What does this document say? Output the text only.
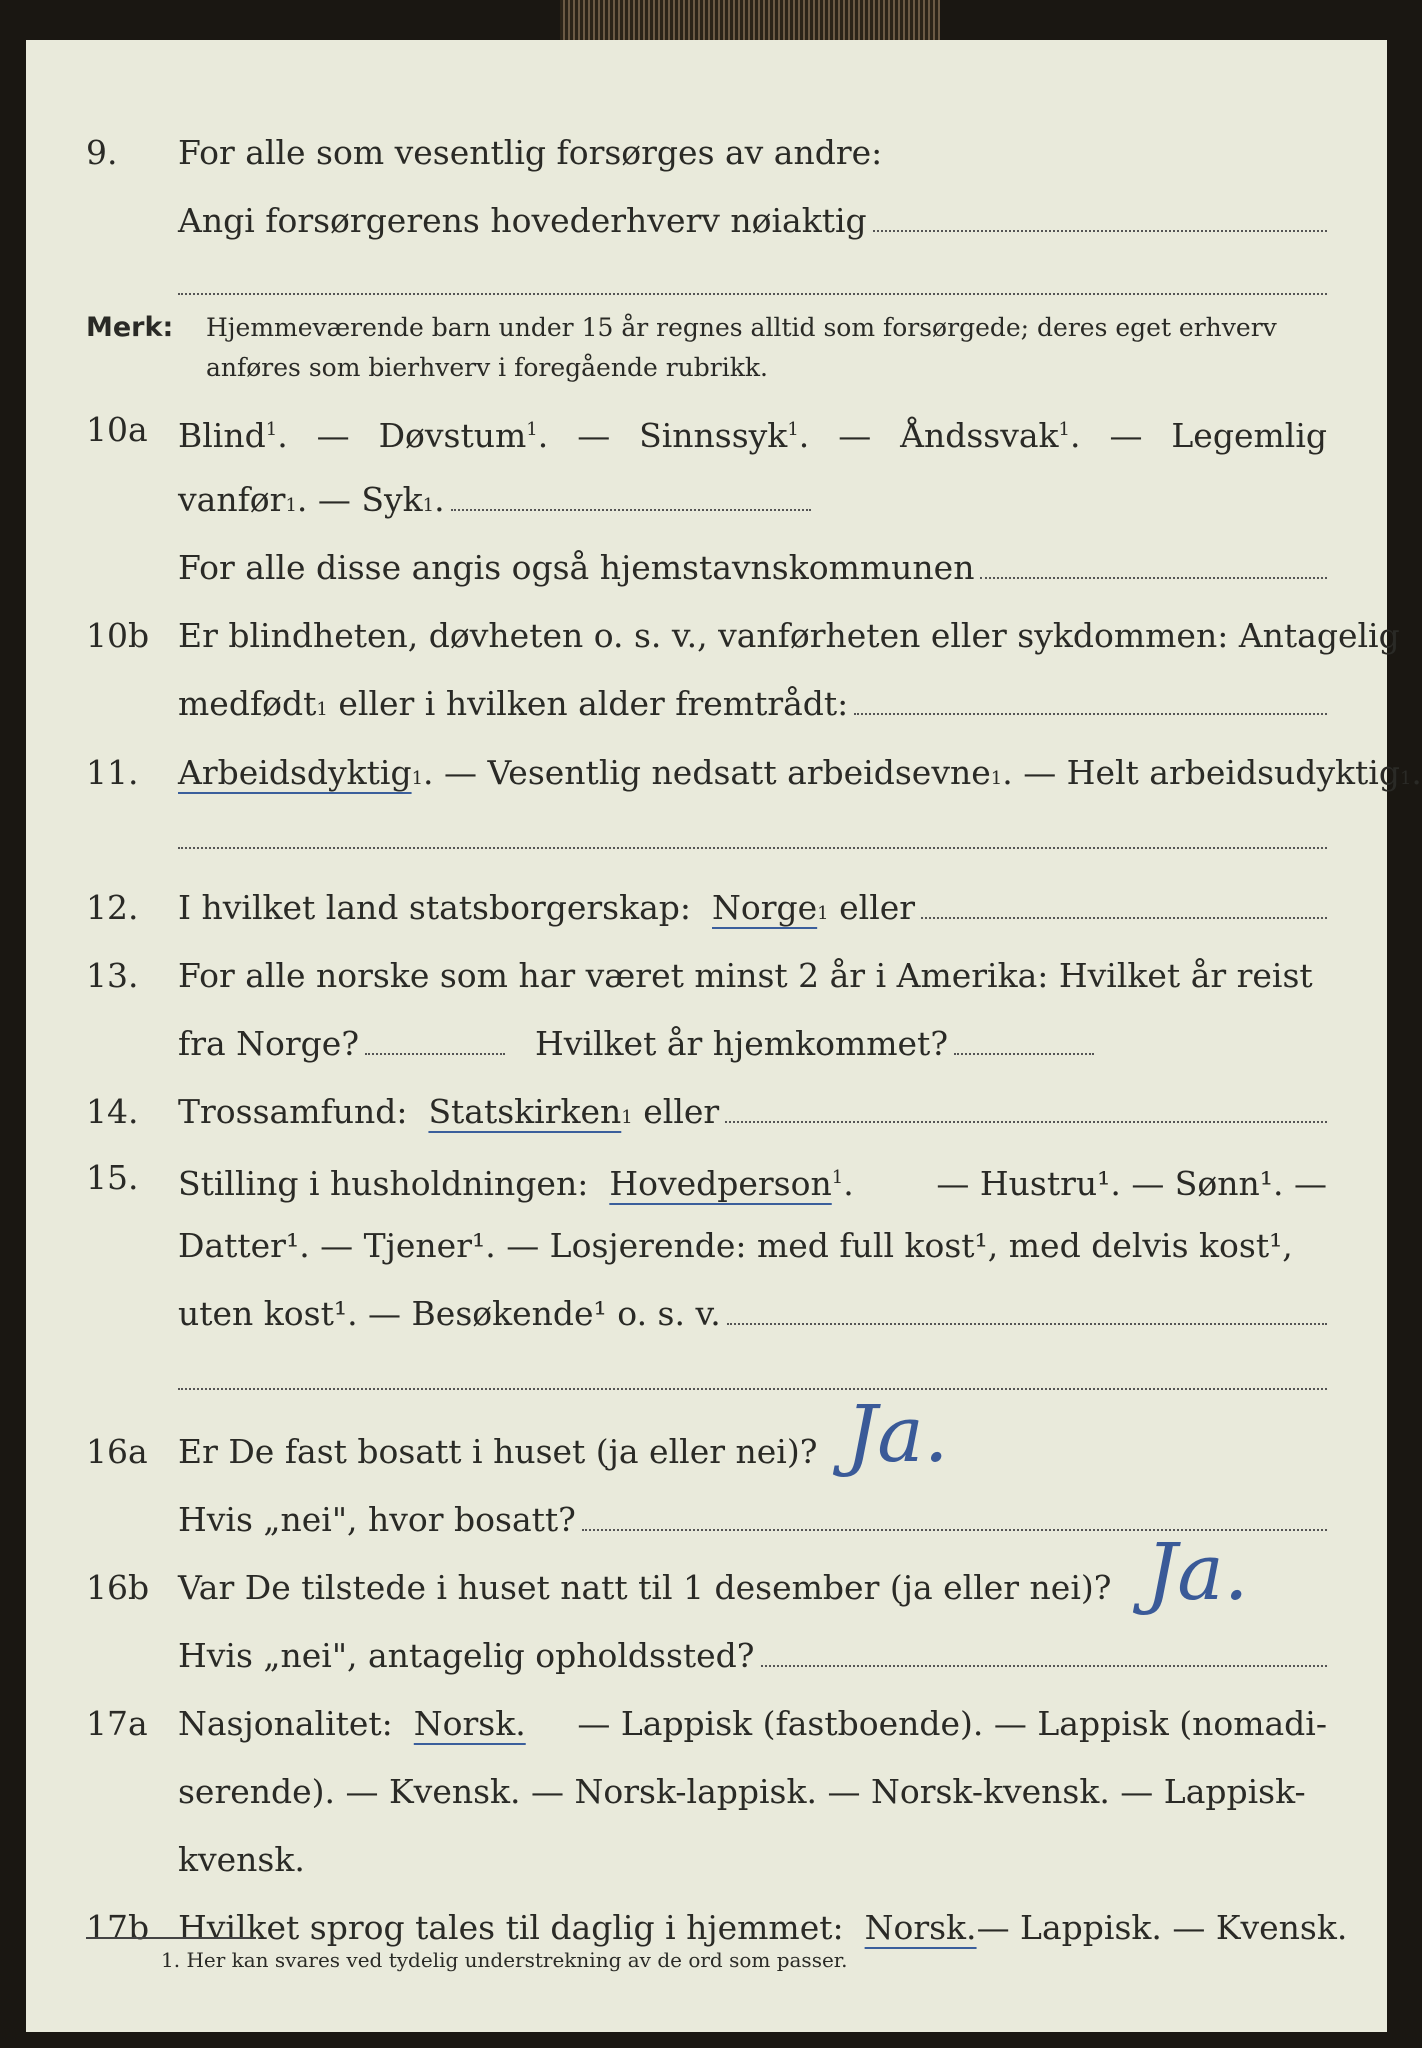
9.	For alle som vesentlig forsørges av andre:
Angi forsørgerens hovederhverv nøiaktig
Merk: Hjemmeværende barn under 15 år regnes alltid som forsørgede; deres eget erhverv anføres som bierhverv i foregående rubrikk.
10a Blind$^1$. — Døvstum$^1$. — Sinnssyk$^1$. — Åndssvak$^1$. — Legemlig
vanfør 1 . — Syk 1 .
For alle disse angis også hjemstavnskommunen
10b Er blindheten, døvheten o. s. v., vanførheten eller sykdommen: Antagelig
medfødt 1
eller i hvilken alder fremtrådt:
11.	Arbeidsdyktig 1 . — Vesentlig nedsatt arbeidsevne 1 . — Helt arbeidsudyktig 1 .
12.	I hvilket land statsborgerskap:
Norge 1
eller
13.	For alle norske som har været minst 2 år i Amerika: Hvilket år reist
fra Norge?	Hvilket år hjemkommet?
14.	Trossamfund:
Statskirken 1
eller
15.	Stilling i husholdningen: Hovedperson$^1$.	— Hustru¹. — Sønn¹. —
Datter¹. — Tjener¹. — Losjerende: med full kost¹, med delvis kost¹,
uten kost¹. — Besøkende¹ o. s. v.
16a Er De fast bosatt i huset (ja eller nei)? Ja.
Hvis „nei", hvor bosatt?
16b Var De tilstede i huset natt til 1 desember (ja eller nei)? Ja.
Hvis „nei", antagelig opholdssted?
17a Nasjonalitet: Norsk. — Lappisk (fastboende). — Lappisk (nomadi-
serende). — Kvensk. — Norsk-lappisk. — Norsk-kvensk. — Lappisk-
kvensk.
17b Hvilket sprog tales til daglig i hjemmet: Norsk. — Lappisk. — Kvensk.
1. Her kan svares ved tydelig understrekning av de ord som passer.
